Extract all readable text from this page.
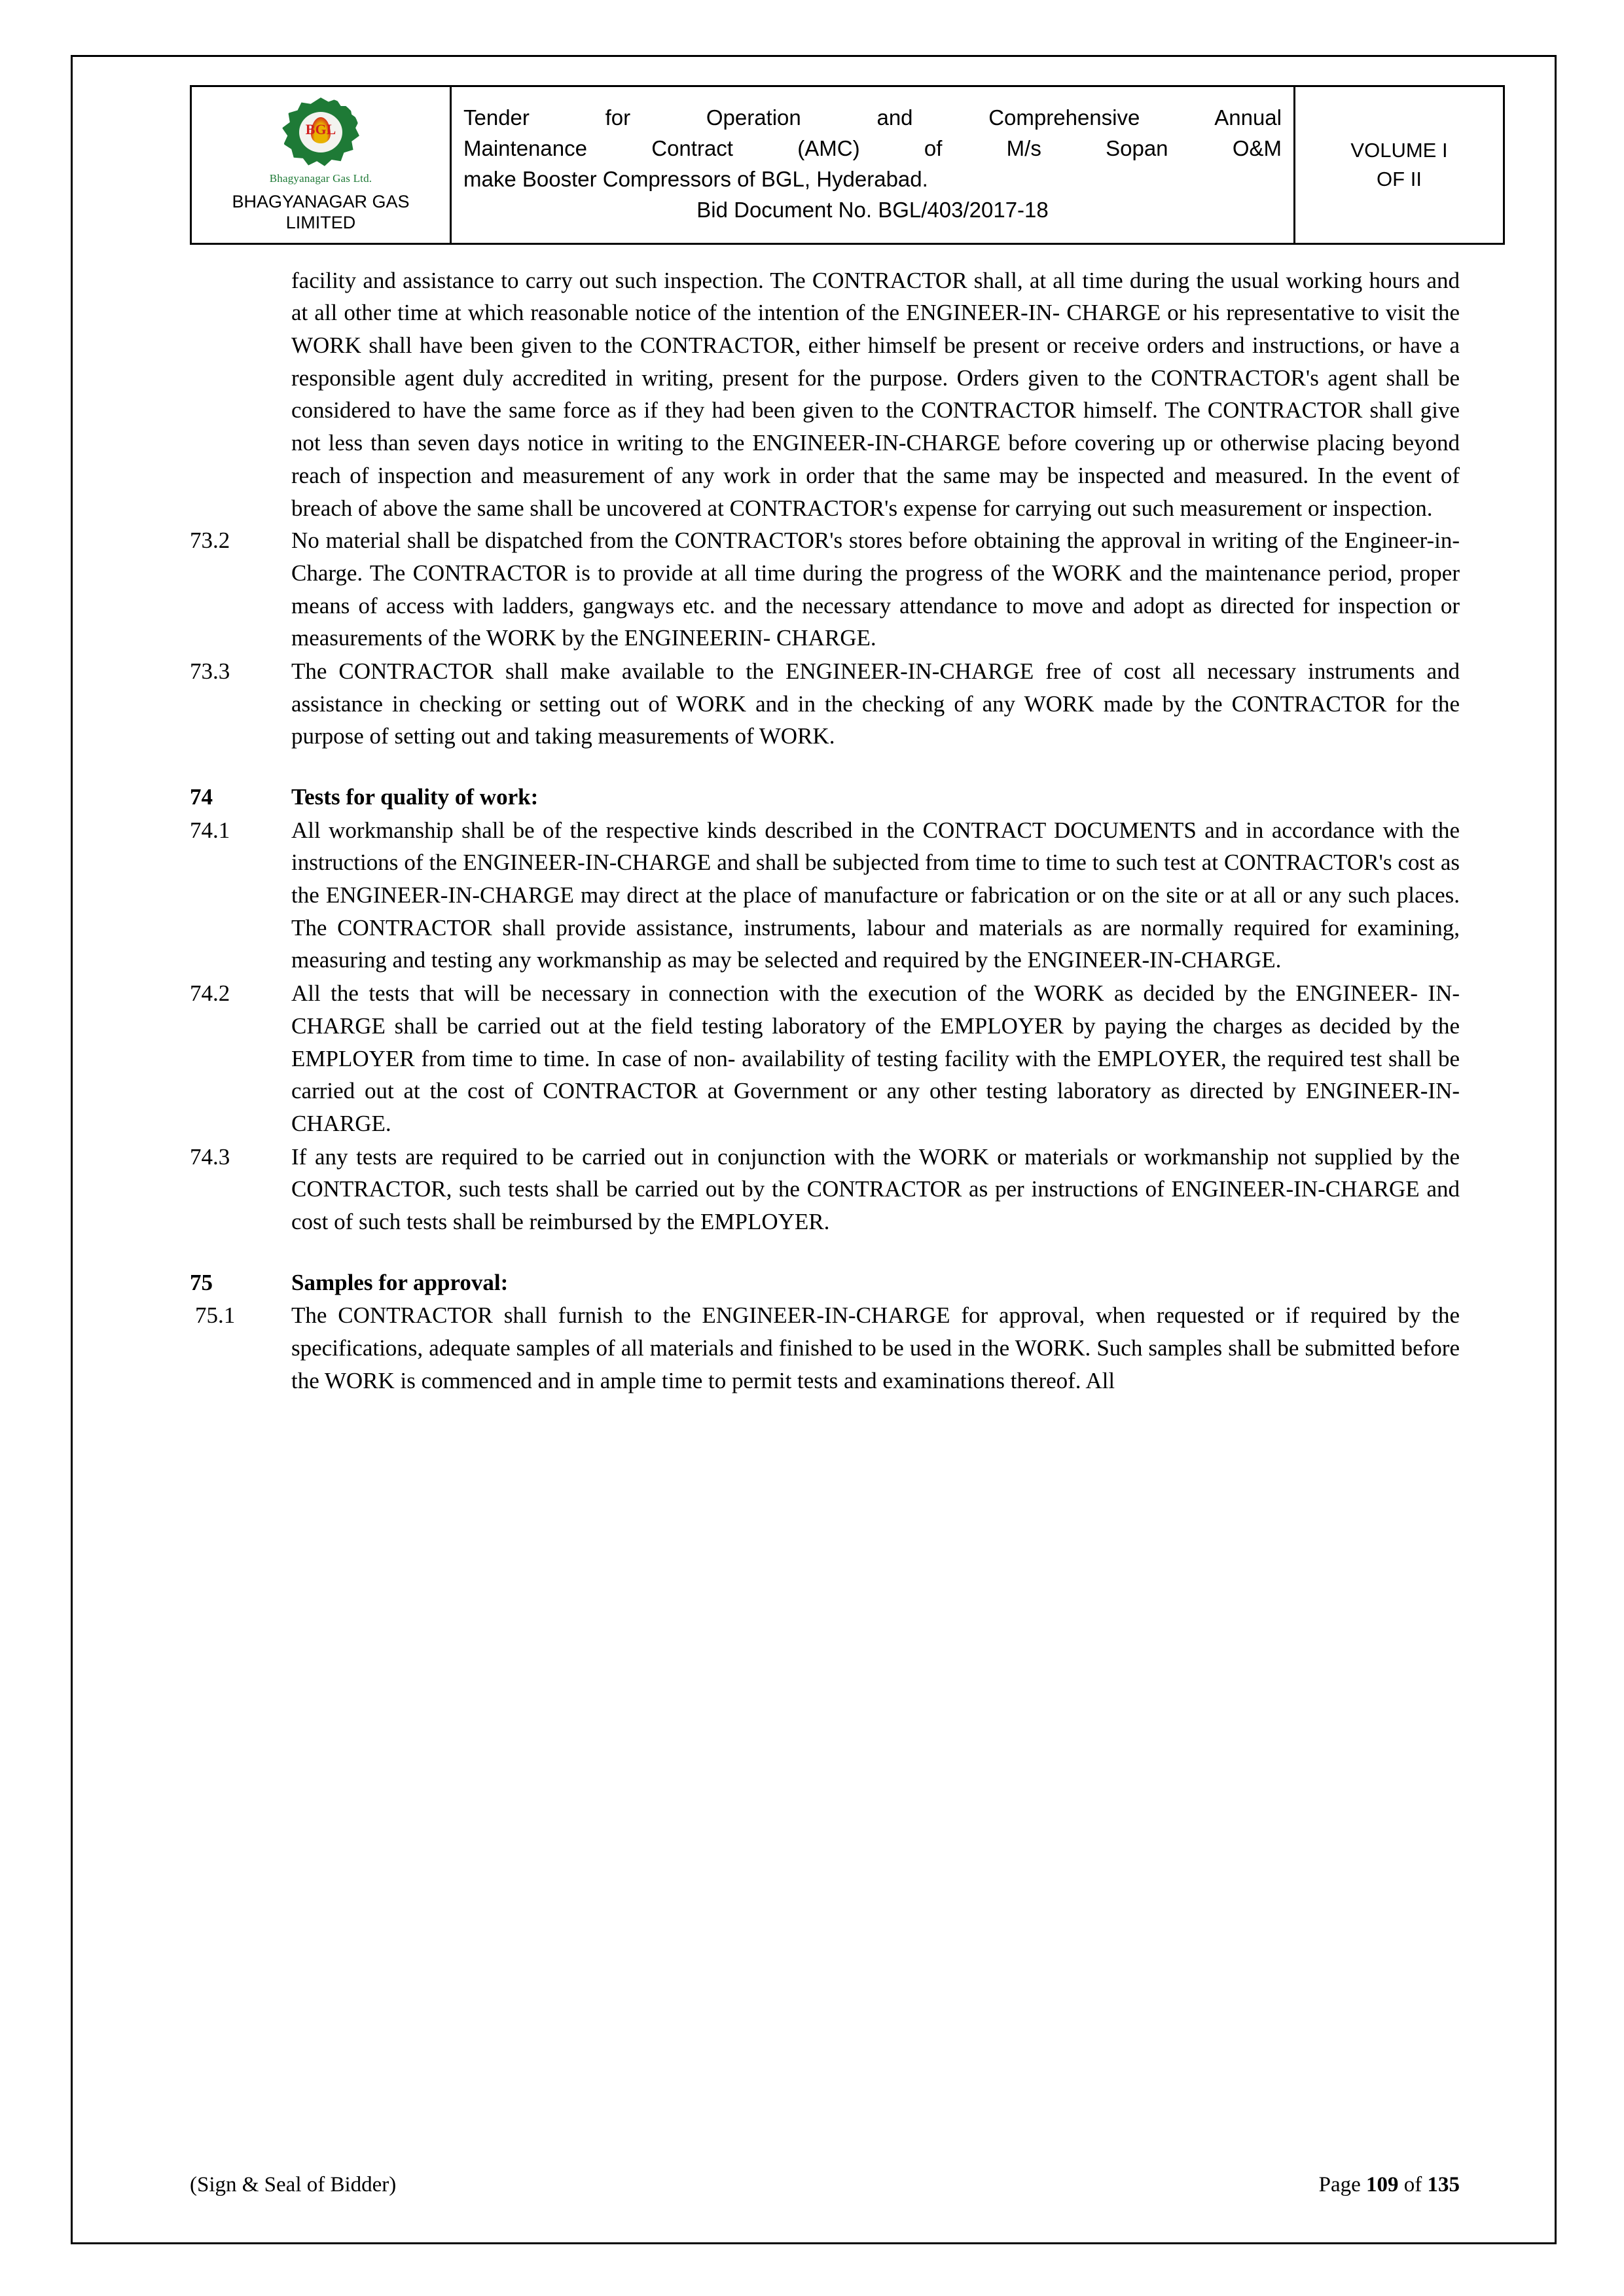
BGL
Bhagyanagar Gas Ltd.
BHAGYANAGAR GAS
LIMITED

Tender for Operation and Comprehensive Annual
Maintenance Contract (AMC) of M/s Sopan O&M
make Booster Compressors of BGL, Hyderabad.
Bid Document No. BGL/403/2017-18

VOLUME I
OF II
facility and assistance to carry out such inspection. The CONTRACTOR shall, at all time during the usual working hours and at all other time at which reasonable notice of the intention of the ENGINEER-IN- CHARGE or his representative to visit the WORK shall have been given to the CONTRACTOR, either himself be present or receive orders and instructions, or have a responsible agent duly accredited in writing, present for the purpose. Orders given to the CONTRACTOR's agent shall be considered to have the same force as if they had been given to the CONTRACTOR himself. The CONTRACTOR shall give not less than seven days notice in writing to the ENGINEER-IN-CHARGE before covering up or otherwise placing beyond reach of inspection and measurement of any work in order that the same may be inspected and measured. In the event of breach of above the same shall be uncovered at CONTRACTOR's expense for carrying out such measurement or inspection.
73.2	No material shall be dispatched from the CONTRACTOR's stores before obtaining the approval in writing of the Engineer-in-Charge. The CONTRACTOR is to provide at all time during the progress of the WORK and the maintenance period, proper means of access with ladders, gangways etc. and the necessary attendance to move and adopt as directed for inspection or measurements of the WORK by the ENGINEERIN- CHARGE.
73.3	The CONTRACTOR shall make available to the ENGINEER-IN-CHARGE free of cost all necessary instruments and assistance in checking or setting out of WORK and in the checking of any WORK made by the CONTRACTOR for the purpose of setting out and taking measurements of WORK.
74	Tests for quality of work:
74.1	All workmanship shall be of the respective kinds described in the CONTRACT DOCUMENTS and in accordance with the instructions of the ENGINEER-IN-CHARGE and shall be subjected from time to time to such test at CONTRACTOR's cost as the ENGINEER-IN-CHARGE may direct at the place of manufacture or fabrication or on the site or at all or any such places. The CONTRACTOR shall provide assistance, instruments, labour and materials as are normally required for examining, measuring and testing any workmanship as may be selected and required by the ENGINEER-IN-CHARGE.
74.2	All the tests that will be necessary in connection with the execution of the WORK as decided by the ENGINEER- IN-CHARGE shall be carried out at the field testing laboratory of the EMPLOYER by paying the charges as decided by the EMPLOYER from time to time. In case of non- availability of testing facility with the EMPLOYER, the required test shall be carried out at the cost of CONTRACTOR at Government or any other testing laboratory as directed by ENGINEER-IN-CHARGE.
74.3	If any tests are required to be carried out in conjunction with the WORK or materials or workmanship not supplied by the CONTRACTOR, such tests shall be carried out by the CONTRACTOR as per instructions of ENGINEER-IN-CHARGE and cost of such tests shall be reimbursed by the EMPLOYER.
75	Samples for approval:
75.1	The CONTRACTOR shall furnish to the ENGINEER-IN-CHARGE for approval, when requested or if required by the specifications, adequate samples of all materials and finished to be used in the WORK. Such samples shall be submitted before the WORK is commenced and in ample time to permit tests and examinations thereof. All
(Sign & Seal of Bidder)	Page 109 of 135
